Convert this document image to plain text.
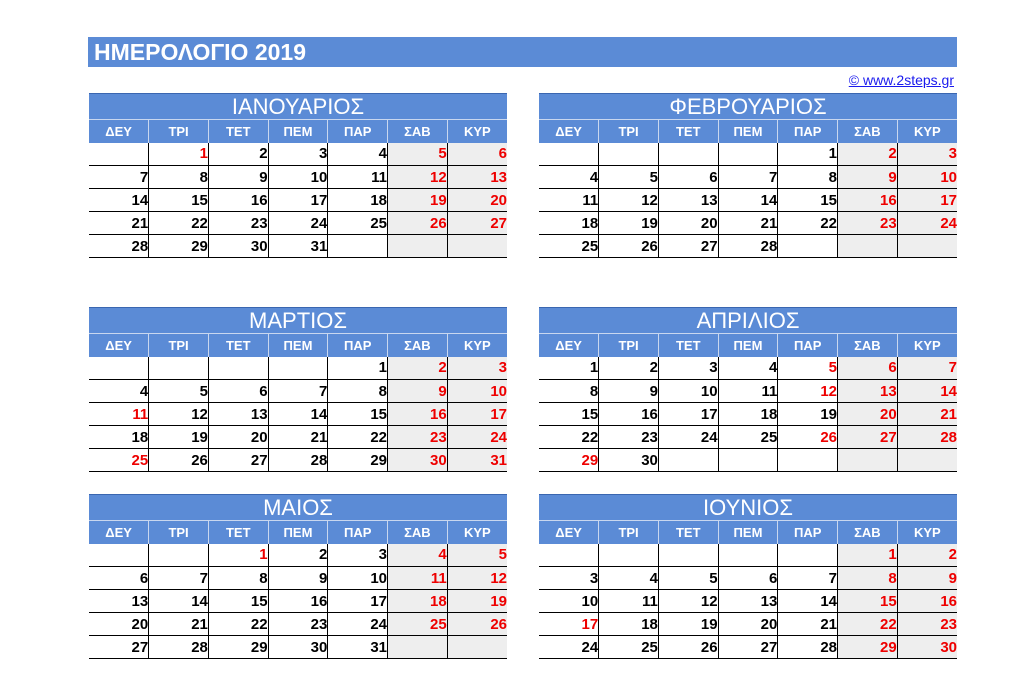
ΗΜΕΡΟΛΟΓΙΟ 2019
© www.2steps.gr
ΙΑΝΟΥΑΡΙΟΣ						
ΔΕΥ	ΤΡΙ	ΤΕΤ	ΠΕΜ	ΠΑΡ	ΣΑΒ	ΚΥΡ
	1	2	3	4	5	6
7	8	9	10	11	12	13
14	15	16	17	18	19	20
21	22	23	24	25	26	27
28	29	30	31			
ΦΕΒΡΟΥΑΡΙΟΣ						
ΔΕΥ	ΤΡΙ	ΤΕΤ	ΠΕΜ	ΠΑΡ	ΣΑΒ	ΚΥΡ
				1	2	3
4	5	6	7	8	9	10
11	12	13	14	15	16	17
18	19	20	21	22	23	24
25	26	27	28			
ΜΑΡΤΙΟΣ						
ΔΕΥ	ΤΡΙ	ΤΕΤ	ΠΕΜ	ΠΑΡ	ΣΑΒ	ΚΥΡ
				1	2	3
4	5	6	7	8	9	10
11	12	13	14	15	16	17
18	19	20	21	22	23	24
25	26	27	28	29	30	31
ΑΠΡΙΛΙΟΣ						
ΔΕΥ	ΤΡΙ	ΤΕΤ	ΠΕΜ	ΠΑΡ	ΣΑΒ	ΚΥΡ
1	2	3	4	5	6	7
8	9	10	11	12	13	14
15	16	17	18	19	20	21
22	23	24	25	26	27	28
29	30					
ΜΑΙΟΣ						
ΔΕΥ	ΤΡΙ	ΤΕΤ	ΠΕΜ	ΠΑΡ	ΣΑΒ	ΚΥΡ
		1	2	3	4	5
6	7	8	9	10	11	12
13	14	15	16	17	18	19
20	21	22	23	24	25	26
27	28	29	30	31		
ΙΟΥΝΙΟΣ						
ΔΕΥ	ΤΡΙ	ΤΕΤ	ΠΕΜ	ΠΑΡ	ΣΑΒ	ΚΥΡ
					1	2
3	4	5	6	7	8	9
10	11	12	13	14	15	16
17	18	19	20	21	22	23
24	25	26	27	28	29	30
